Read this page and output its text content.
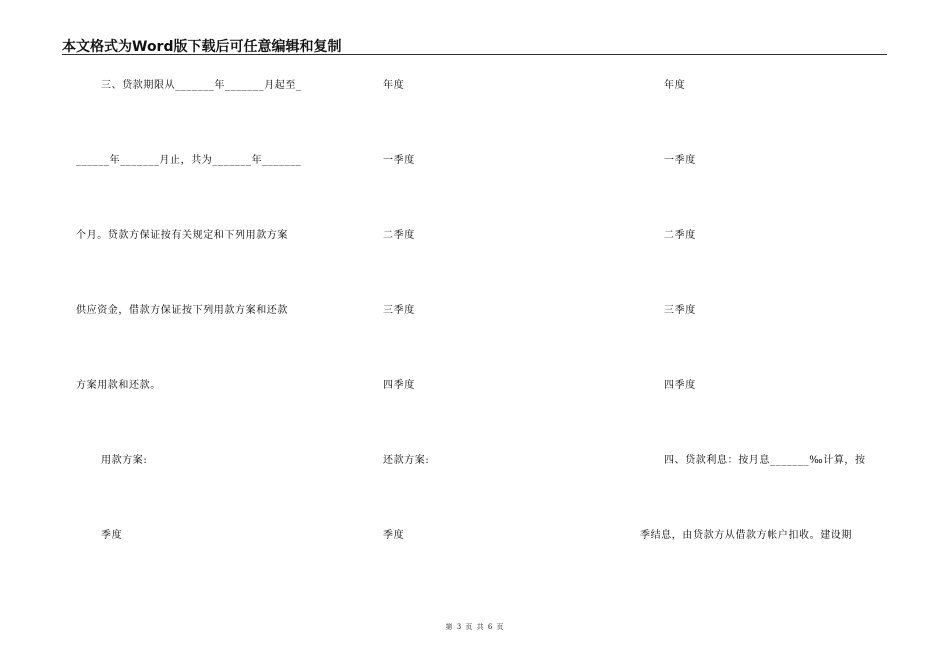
本文格式为Word版下载后可任意编辑和复制
三、贷款期限从_______年_______月起至_
______年_______月止，共为_______年_______
个月。贷款方保证按有关规定和下列用款方案
供应资金，借款方保证按下列用款方案和还款
方案用款和还款。
用款方案:
季度
年度
一季度
二季度
三季度
四季度
还款方案:
季度
年度
一季度
二季度
三季度
四季度
四、贷款利息：按月息_______‰计算，按
季结息，由贷款方从借款方帐户扣收。建设期
第 3 页 共 6 页
